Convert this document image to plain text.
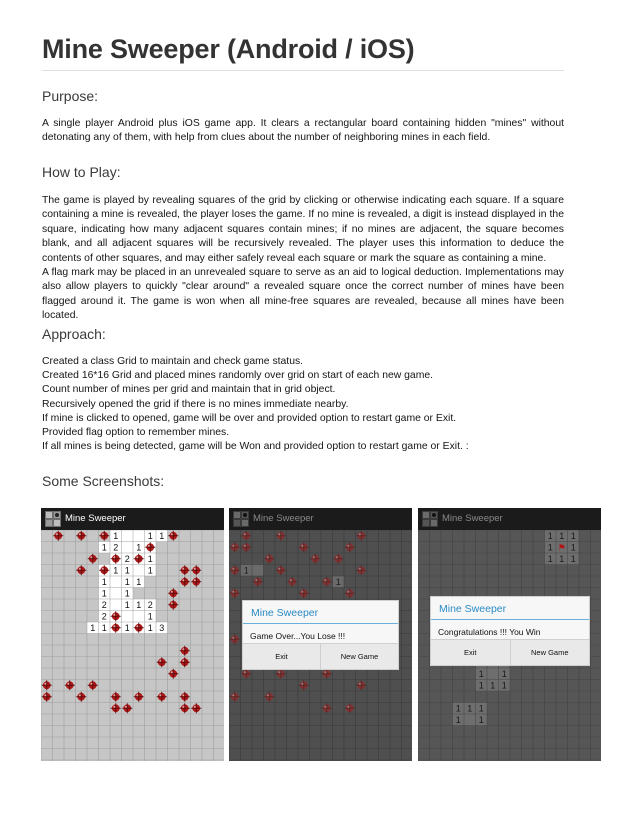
Mine Sweeper (Android / iOS)
Purpose:

A single player Android plus iOS game app. It clears a rectangular board containing hidden "mines" without detonating any of them, with help from clues about the number of neighboring mines in each field.

How to Play:

The game is played by revealing squares of the grid by clicking or otherwise indicating each square. If a square containing a mine is revealed, the player loses the game. If no mine is revealed, a digit is instead displayed in the square, indicating how many adjacent squares contain mines; if no mines are adjacent, the square becomes blank, and all adjacent squares will be recursively revealed. The player uses this information to deduce the contents of other squares, and may either safely reveal each square or mark the square as containing a mine.

A flag mark may be placed in an unrevealed square to serve as an aid to logical deduction. Implementations may also allow players to quickly "clear around" a revealed square once the correct number of mines have been flagged around it. The game is won when all mine-free squares are revealed, because all mines have been located.

Approach:
Created a class Grid to maintain and check game status.
Created 16*16 Grid and placed mines randomly over grid on start of each new game.
Count number of mines per grid and maintain that in grid object.
Recursively opened the grid if there is no mines immediate nearby.
If mine is clicked to opened, game will be over and provided option to restart game or Exit.
Provided flag option to remember mines.
If all mines is being detected, game will be Won and provided option to restart game or Exit. :
Some Screenshots:
1	1 1
1 2 1
2 1
1 1 1
1 1 1
1 1
2 1 1 2
2	1
1 1 1 1 3
Mine Sweeper
1
1
Mine Sweeper
Mine Sweeper
Game Over...You Lose !!!
Exit	New Game
1 1 1
1 ⚑ 1
1 1 1
1 1
1 1 1
1 1 1
1 1
Mine Sweeper
Mine Sweeper
Congratulations !!! You Win
Exit	New Game
